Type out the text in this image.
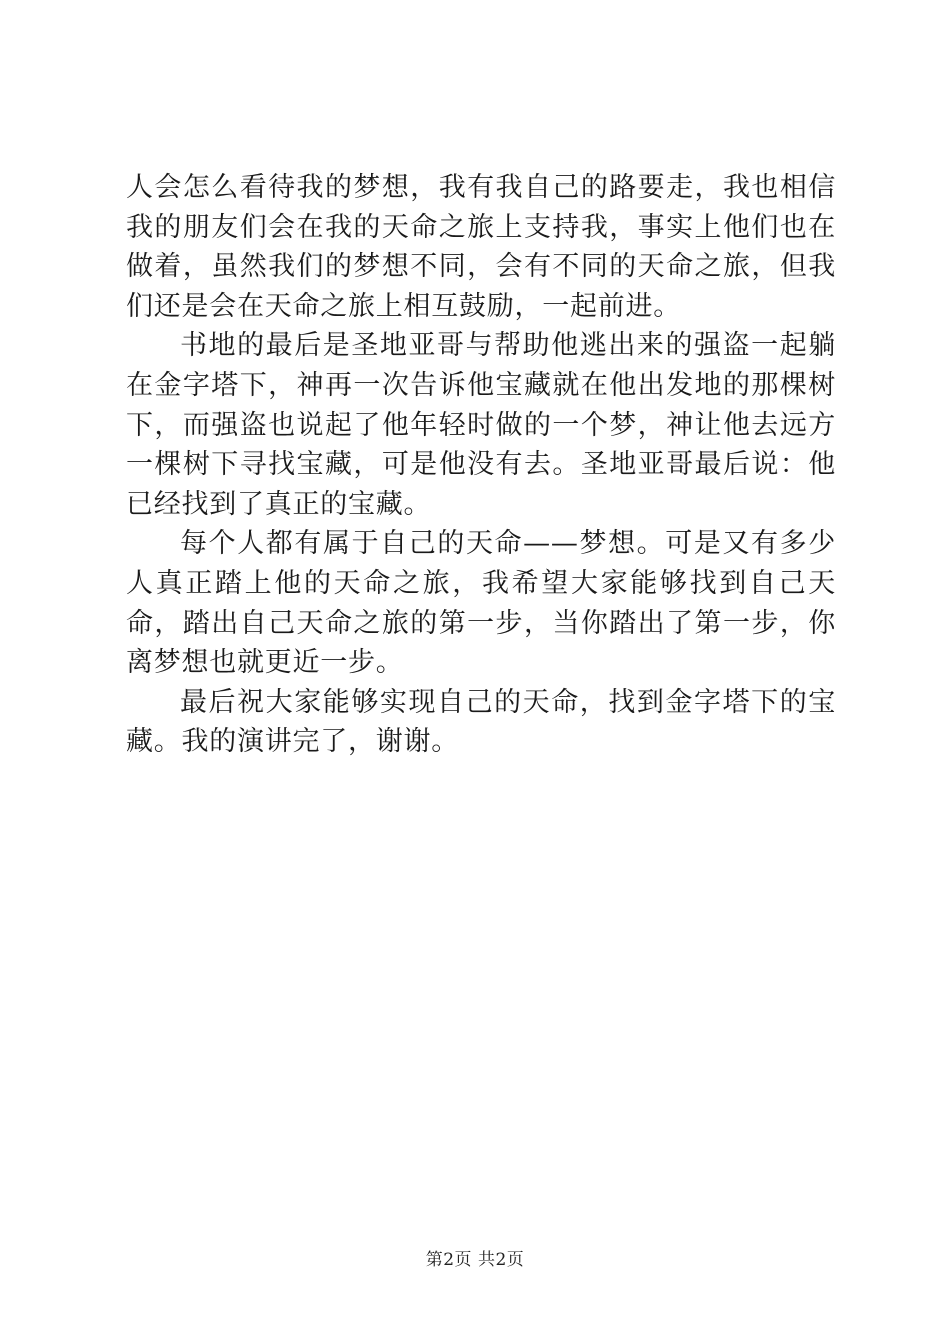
人会怎么看待我的梦想，我有我自己的路要走，我也相信我的朋友们会在我的天命之旅上支持我，事实上他们也在做着，虽然我们的梦想不同，会有不同的天命之旅，但我们还是会在天命之旅上相互鼓励，一起前进。

书地的最后是圣地亚哥与帮助他逃出来的强盗一起躺在金字塔下，神再一次告诉他宝藏就在他出发地的那棵树下，而强盗也说起了他年轻时做的一个梦，神让他去远方一棵树下寻找宝藏，可是他没有去。圣地亚哥最后说：他已经找到了真正的宝藏。

每个人都有属于自己的天命——梦想。可是又有多少人真正踏上他的天命之旅，我希望大家能够找到自己天命，踏出自己天命之旅的第一步，当你踏出了第一步，你离梦想也就更近一步。

最后祝大家能够实现自己的天命，找到金字塔下的宝藏。我的演讲完了，谢谢。

第2页 共2页
